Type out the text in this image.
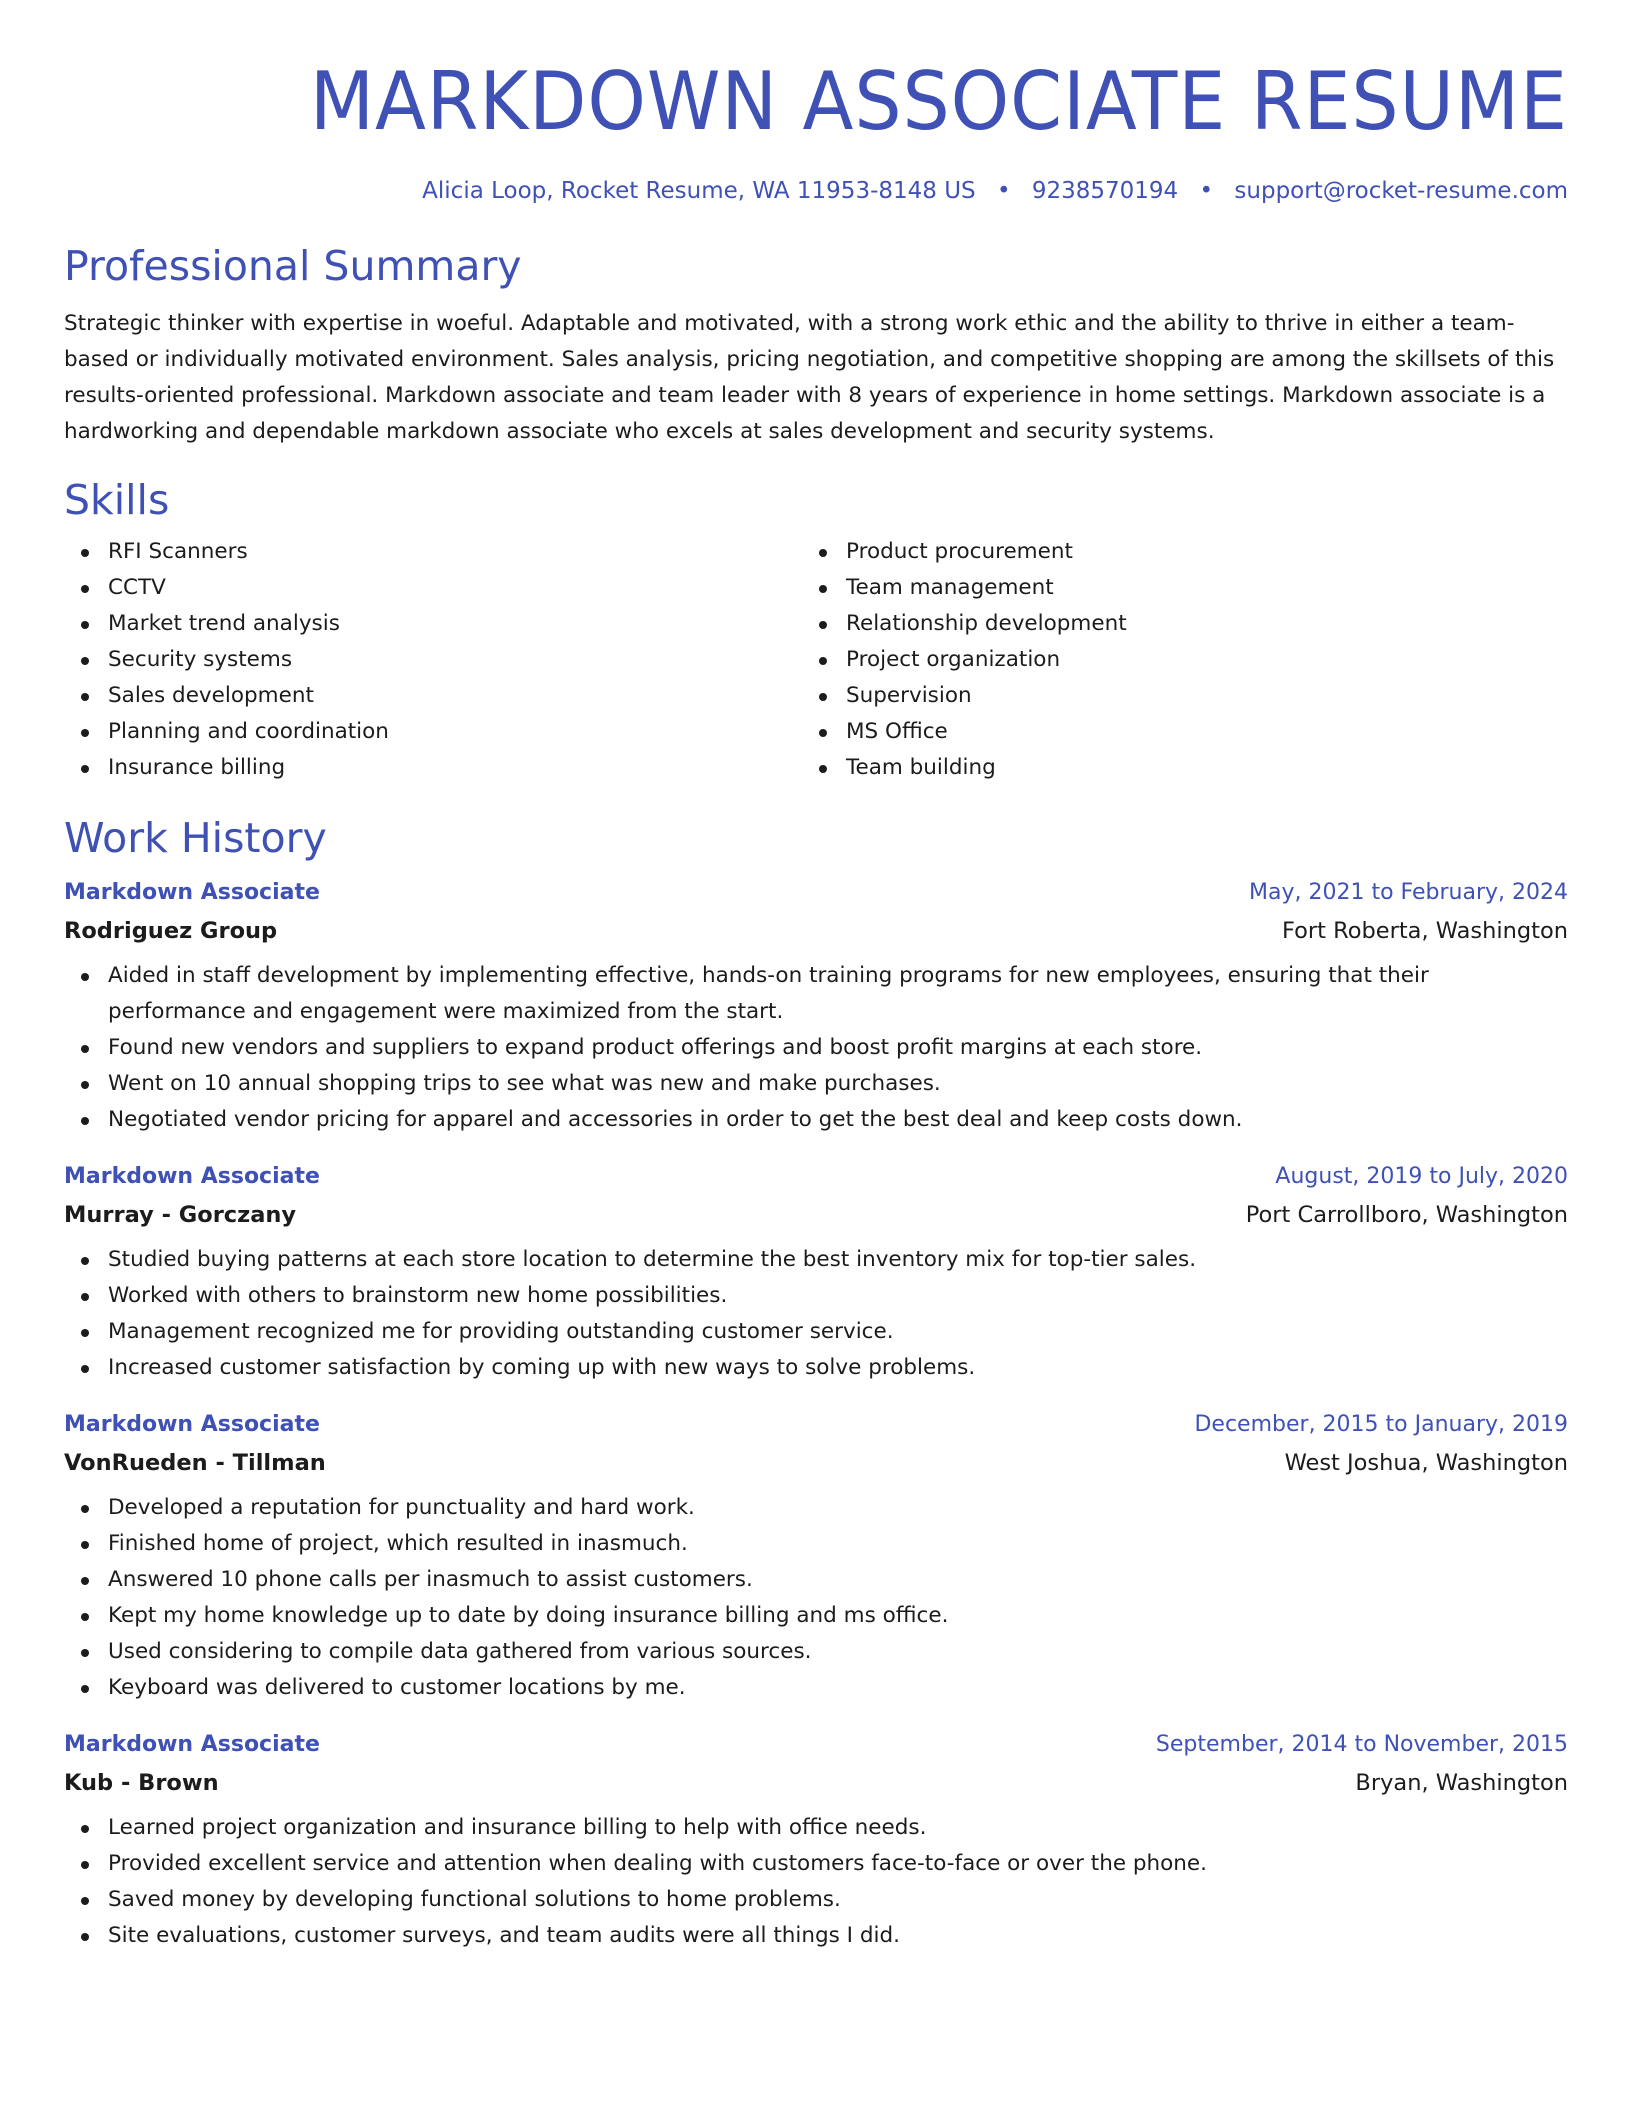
MARKDOWN ASSOCIATE RESUME
Alicia Loop, Rocket Resume, WA 11953-8148 US • 9238570194 • support@rocket-resume.com
Professional Summary

Strategic thinker with expertise in woeful. Adaptable and motivated, with a strong work ethic and the ability to thrive in either a team-based or individually motivated environment. Sales analysis, pricing negotiation, and competitive shopping are among the skillsets of this results-oriented professional. Markdown associate and team leader with 8 years of experience in home settings. Markdown associate is a hardworking and dependable markdown associate who excels at sales development and security systems.

Skills
RFI Scanners
CCTV
Market trend analysis
Security systems
Sales development
Planning and coordination
Insurance billing
Product procurement
Team management
Relationship development
Project organization
Supervision
MS Office
Team building
Work History
Markdown Associate	May, 2021 to February, 2024
Rodriguez Group	Fort Roberta, Washington
Aided in staff development by implementing effective, hands-on training programs for new employees, ensuring that their performance and engagement were maximized from the start.
Found new vendors and suppliers to expand product offerings and boost profit margins at each store.
Went on 10 annual shopping trips to see what was new and make purchases.
Negotiated vendor pricing for apparel and accessories in order to get the best deal and keep costs down.
Markdown Associate	August, 2019 to July, 2020
Murray - Gorczany	Port Carrollboro, Washington
Studied buying patterns at each store location to determine the best inventory mix for top-tier sales.
Worked with others to brainstorm new home possibilities.
Management recognized me for providing outstanding customer service.
Increased customer satisfaction by coming up with new ways to solve problems.
Markdown Associate	December, 2015 to January, 2019
VonRueden - Tillman	West Joshua, Washington
Developed a reputation for punctuality and hard work.
Finished home of project, which resulted in inasmuch.
Answered 10 phone calls per inasmuch to assist customers.
Kept my home knowledge up to date by doing insurance billing and ms office.
Used considering to compile data gathered from various sources.
Keyboard was delivered to customer locations by me.
Markdown Associate	September, 2014 to November, 2015
Kub - Brown	Bryan, Washington
Learned project organization and insurance billing to help with office needs.
Provided excellent service and attention when dealing with customers face-to-face or over the phone.
Saved money by developing functional solutions to home problems.
Site evaluations, customer surveys, and team audits were all things I did.
